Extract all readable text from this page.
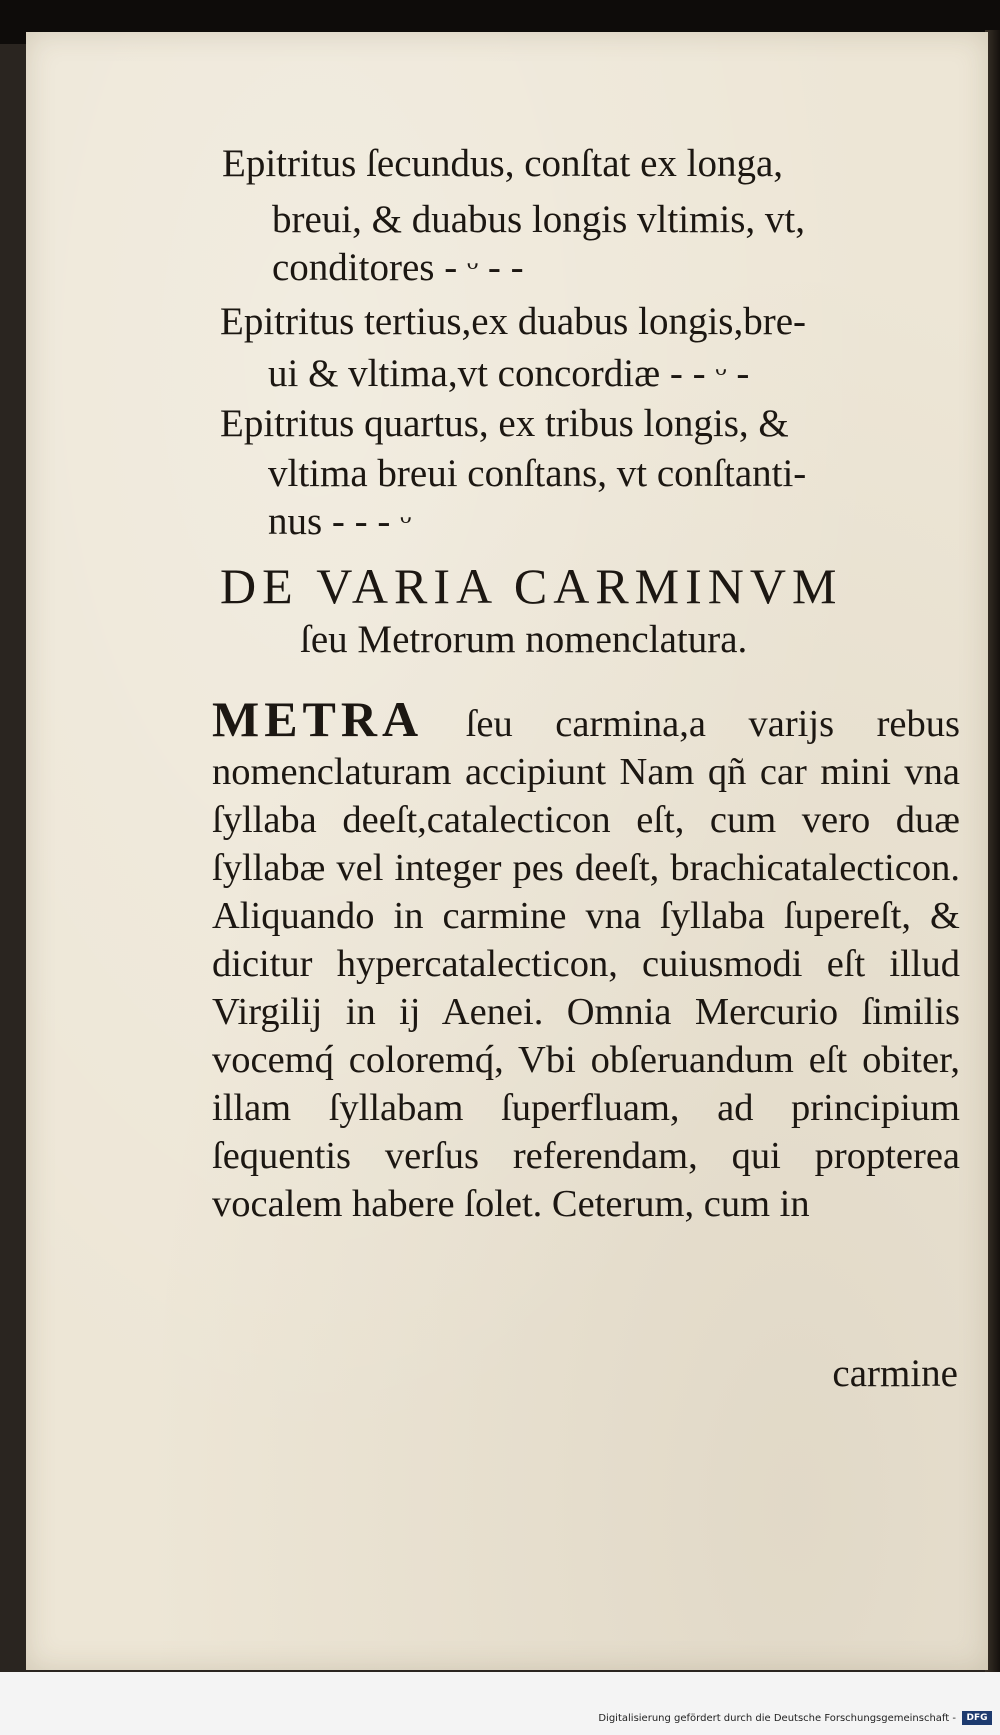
Epitritus ſecundus, conſtat ex longa,
breui, & duabus longis vltimis, vt,
conditores - ᵕ - -
Epitritus tertius,ex duabus longis,bre-
ui & vltima,vt concordiæ - - ᵕ -
Epitritus quartus, ex tribus longis, &
vltima breui conſtans, vt conſtanti-
nus - - - ᵕ
DE VARIA CARMINVM
ſeu Metrorum nomenclatura.
METRA ſeu carmina,a varijs rebus nomenclaturam accipiunt Nam qñ car mini vna ſyllaba deeſt,catalecticon eſt, cum vero duæ ſyllabæ vel integer pes deeſt, brachicatalecticon. Aliquando in carmine vna ſyllaba ſupereſt, & dicitur hypercatalecticon, cuiusmodi eſt illud Virgilij in ij Aenei. Omnia Mercurio ſimilis vocemq́ coloremq́, Vbi obſeruandum eſt obiter, illam ſyllabam ſuperfluam, ad principium ſequentis verſus referendam, qui propterea vocalem habere ſolet. Ceterum, cum in
carmine
Digitalisierung gefördert durch die Deutsche Forschungsgemeinschaft -	DFG
